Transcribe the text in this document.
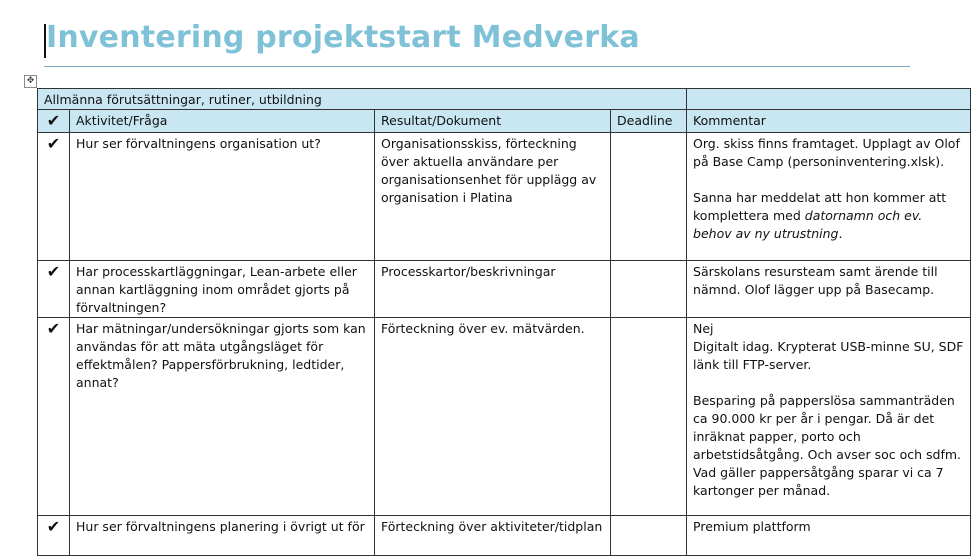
Inventering projektstart Medverka
✥
Allmänna förutsättningar, rutiner, utbildning				
✔	Aktivitet/Fråga	Resultat/Dokument	Deadline	Kommentar
✔	Hur ser förvaltningens organisation ut?	Organisationsskiss, förteckning över aktuella användare per organisationsenhet för upplägg av organisation i Platina		Org. skiss finns framtaget. Upplagt av Olof på Base Camp (personinventering.xlsk).
Sanna har meddelat att hon kommer att komplettera med datornamn och ev. behov av ny utrustning.

✔	Har processkartläggningar, Lean-arbete eller annan kartläggning inom området gjorts på förvaltningen?	Processkartor/beskrivningar		Särskolans resursteam samt ärende till nämnd. Olof lägger upp på Basecamp.
✔	Har mätningar/undersökningar gjorts som kan användas för att mäta utgångsläget för effektmålen? Pappersförbrukning, ledtider, annat?	Förteckning över ev. mätvärden.		Nej
Digitalt idag. Krypterat USB-minne SU, SDF länk till FTP-server.
Besparing på papperslösa sammanträden ca 90.000 kr per år i pengar. Då är det inräknat papper, porto och arbetstidsåtgång. Och avser soc och sdfm.
Vad gäller pappersåtgång sparar vi ca 7 kartonger per månad.

✔	Hur ser förvaltningens planering i övrigt ut för	Förteckning över aktiviteter/tidplan		Premium plattform
